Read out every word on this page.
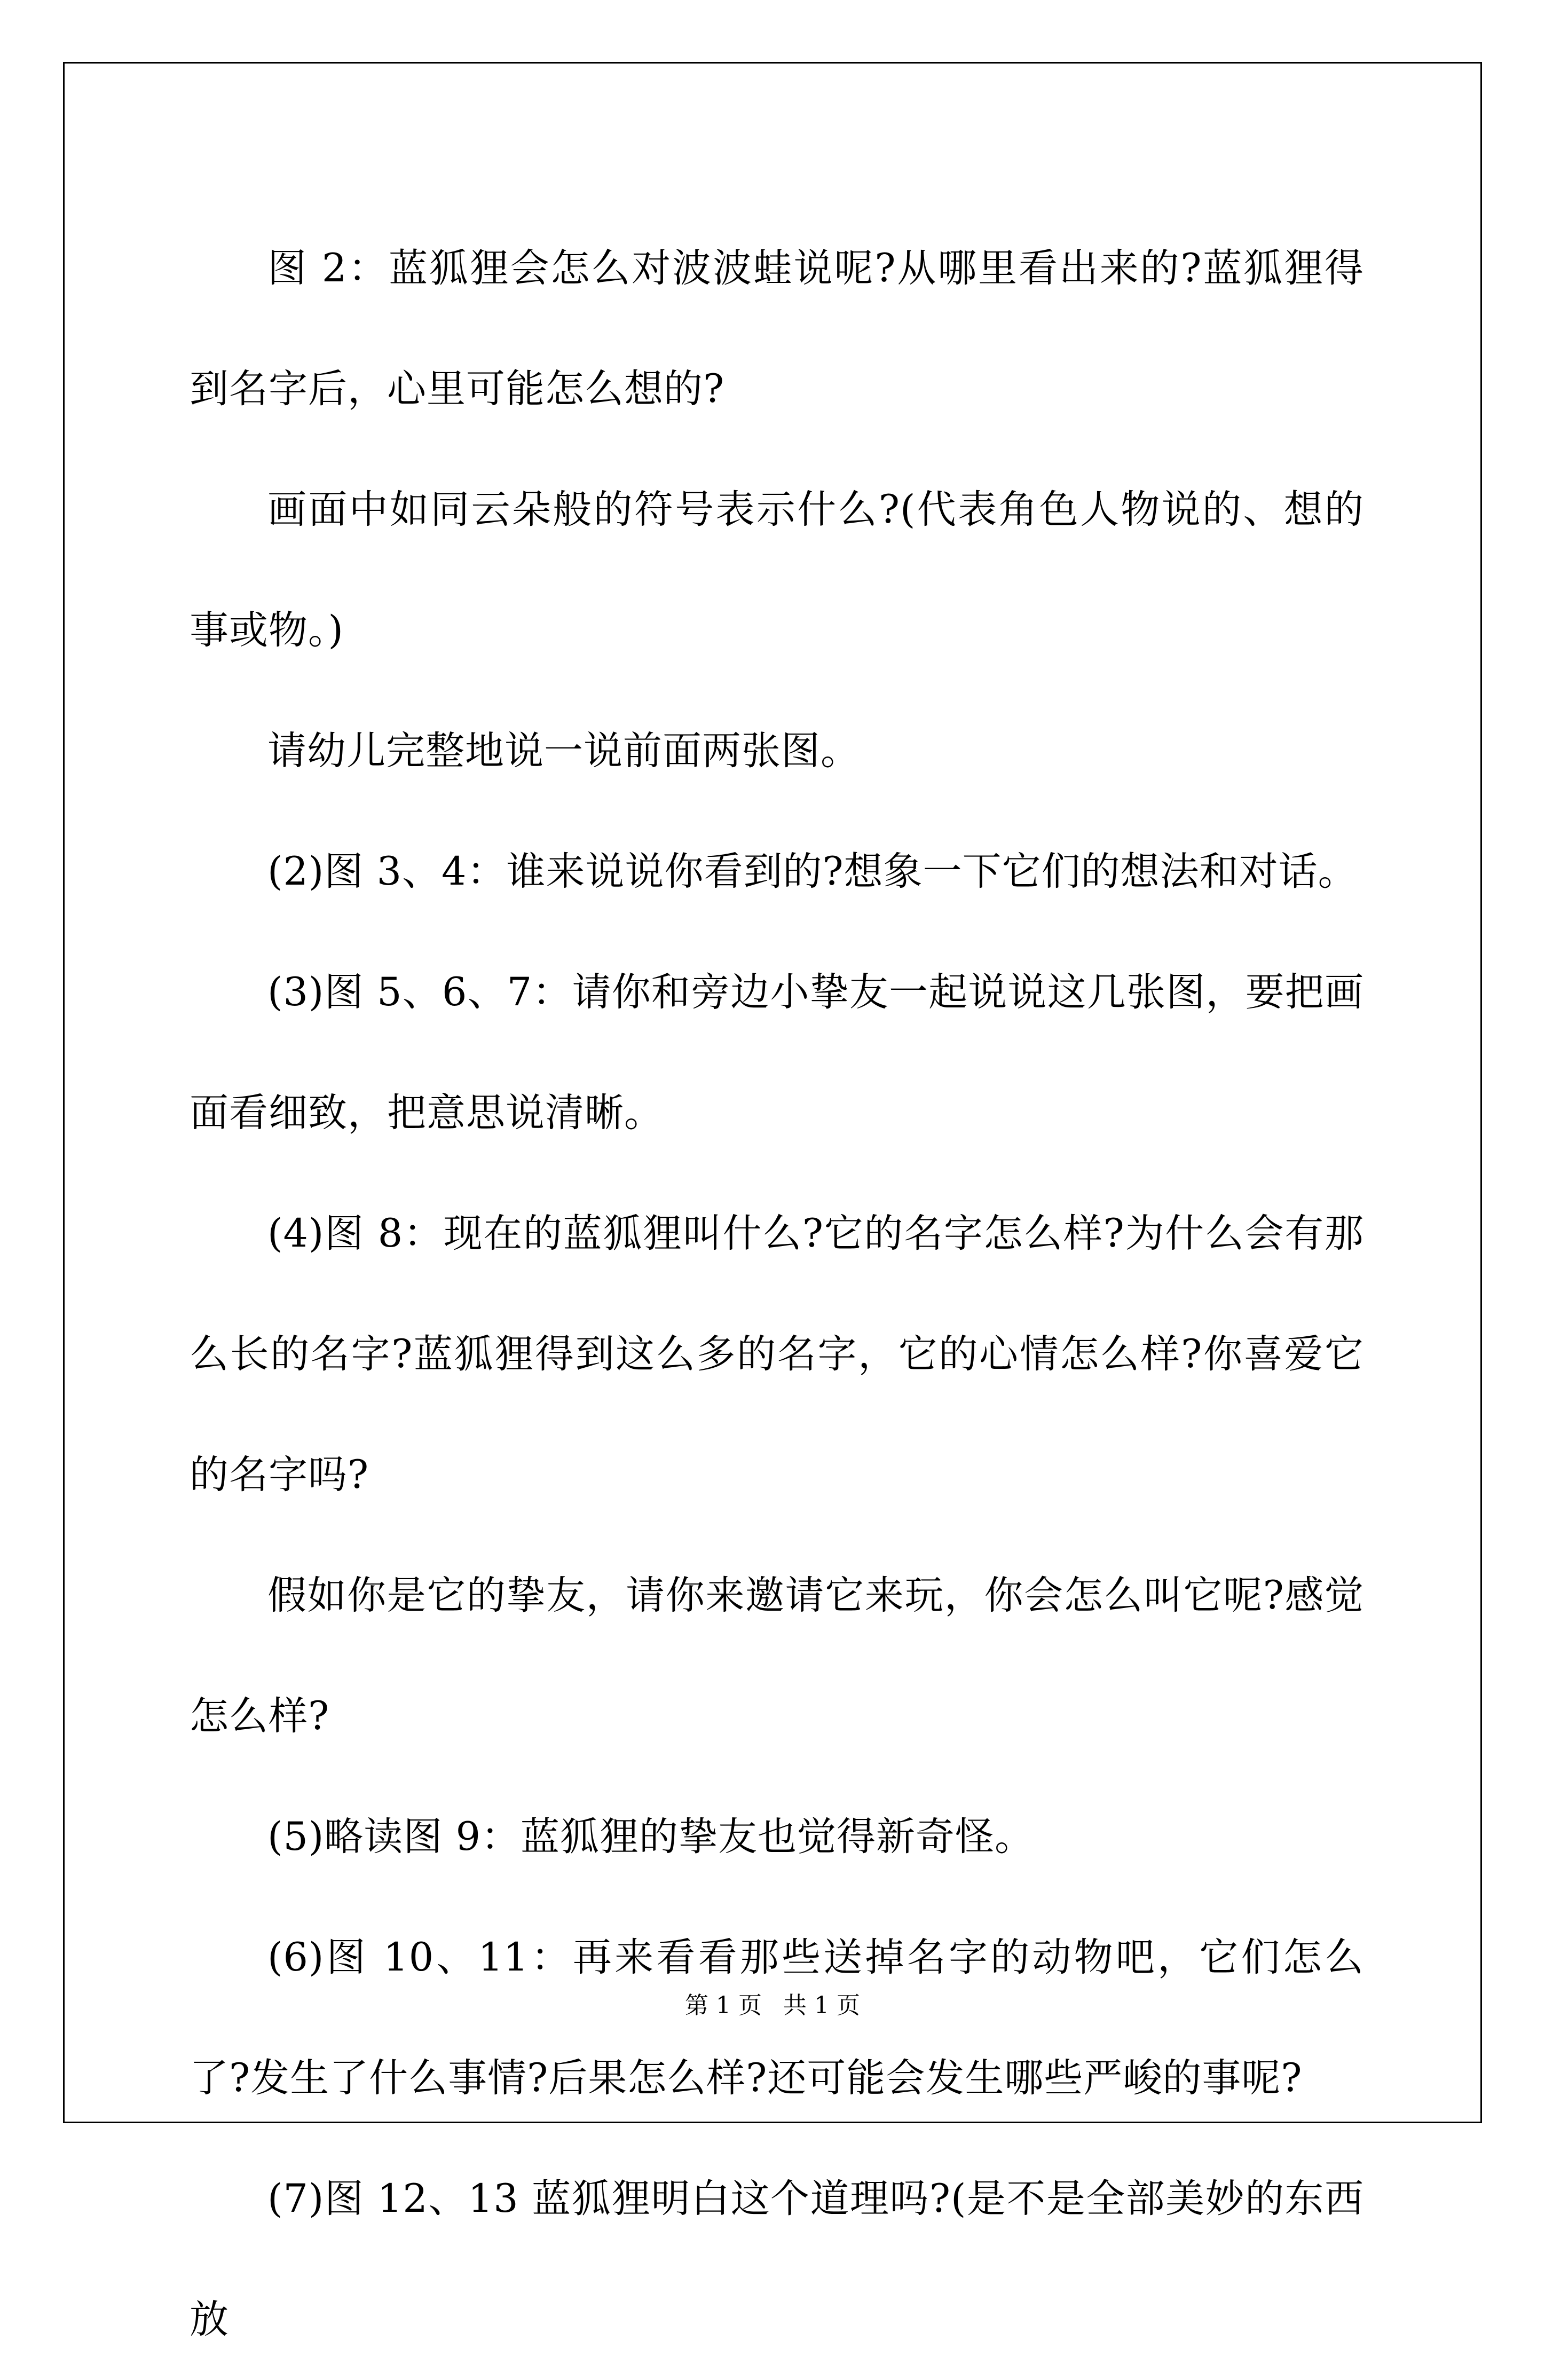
图 2：蓝狐狸会怎么对波波蛙说呢?从哪里看出来的?蓝狐狸得到名字后，心里可能怎么想的?

画面中如同云朵般的符号表示什么?(代表角色人物说的、想的事或物。)

请幼儿完整地说一说前面两张图。

(2)图 3、4：谁来说说你看到的?想象一下它们的想法和对话。

(3)图 5、6、7：请你和旁边小挚友一起说说这几张图，要把画面看细致，把意思说清晰。

(4)图 8：现在的蓝狐狸叫什么?它的名字怎么样?为什么会有那么长的名字?蓝狐狸得到这么多的名字，它的心情怎么样?你喜爱它的名字吗?

假如你是它的挚友，请你来邀请它来玩，你会怎么叫它呢?感觉怎么样?

(5)略读图 9：蓝狐狸的挚友也觉得新奇怪。

(6)图 10、11：再来看看那些送掉名字的动物吧，它们怎么了?发生了什么事情?后果怎么样?还可能会发生哪些严峻的事呢?

(7)图 12、13 蓝狐狸明白这个道理吗?(是不是全部美妙的东西放

第 1 页 共 1 页
